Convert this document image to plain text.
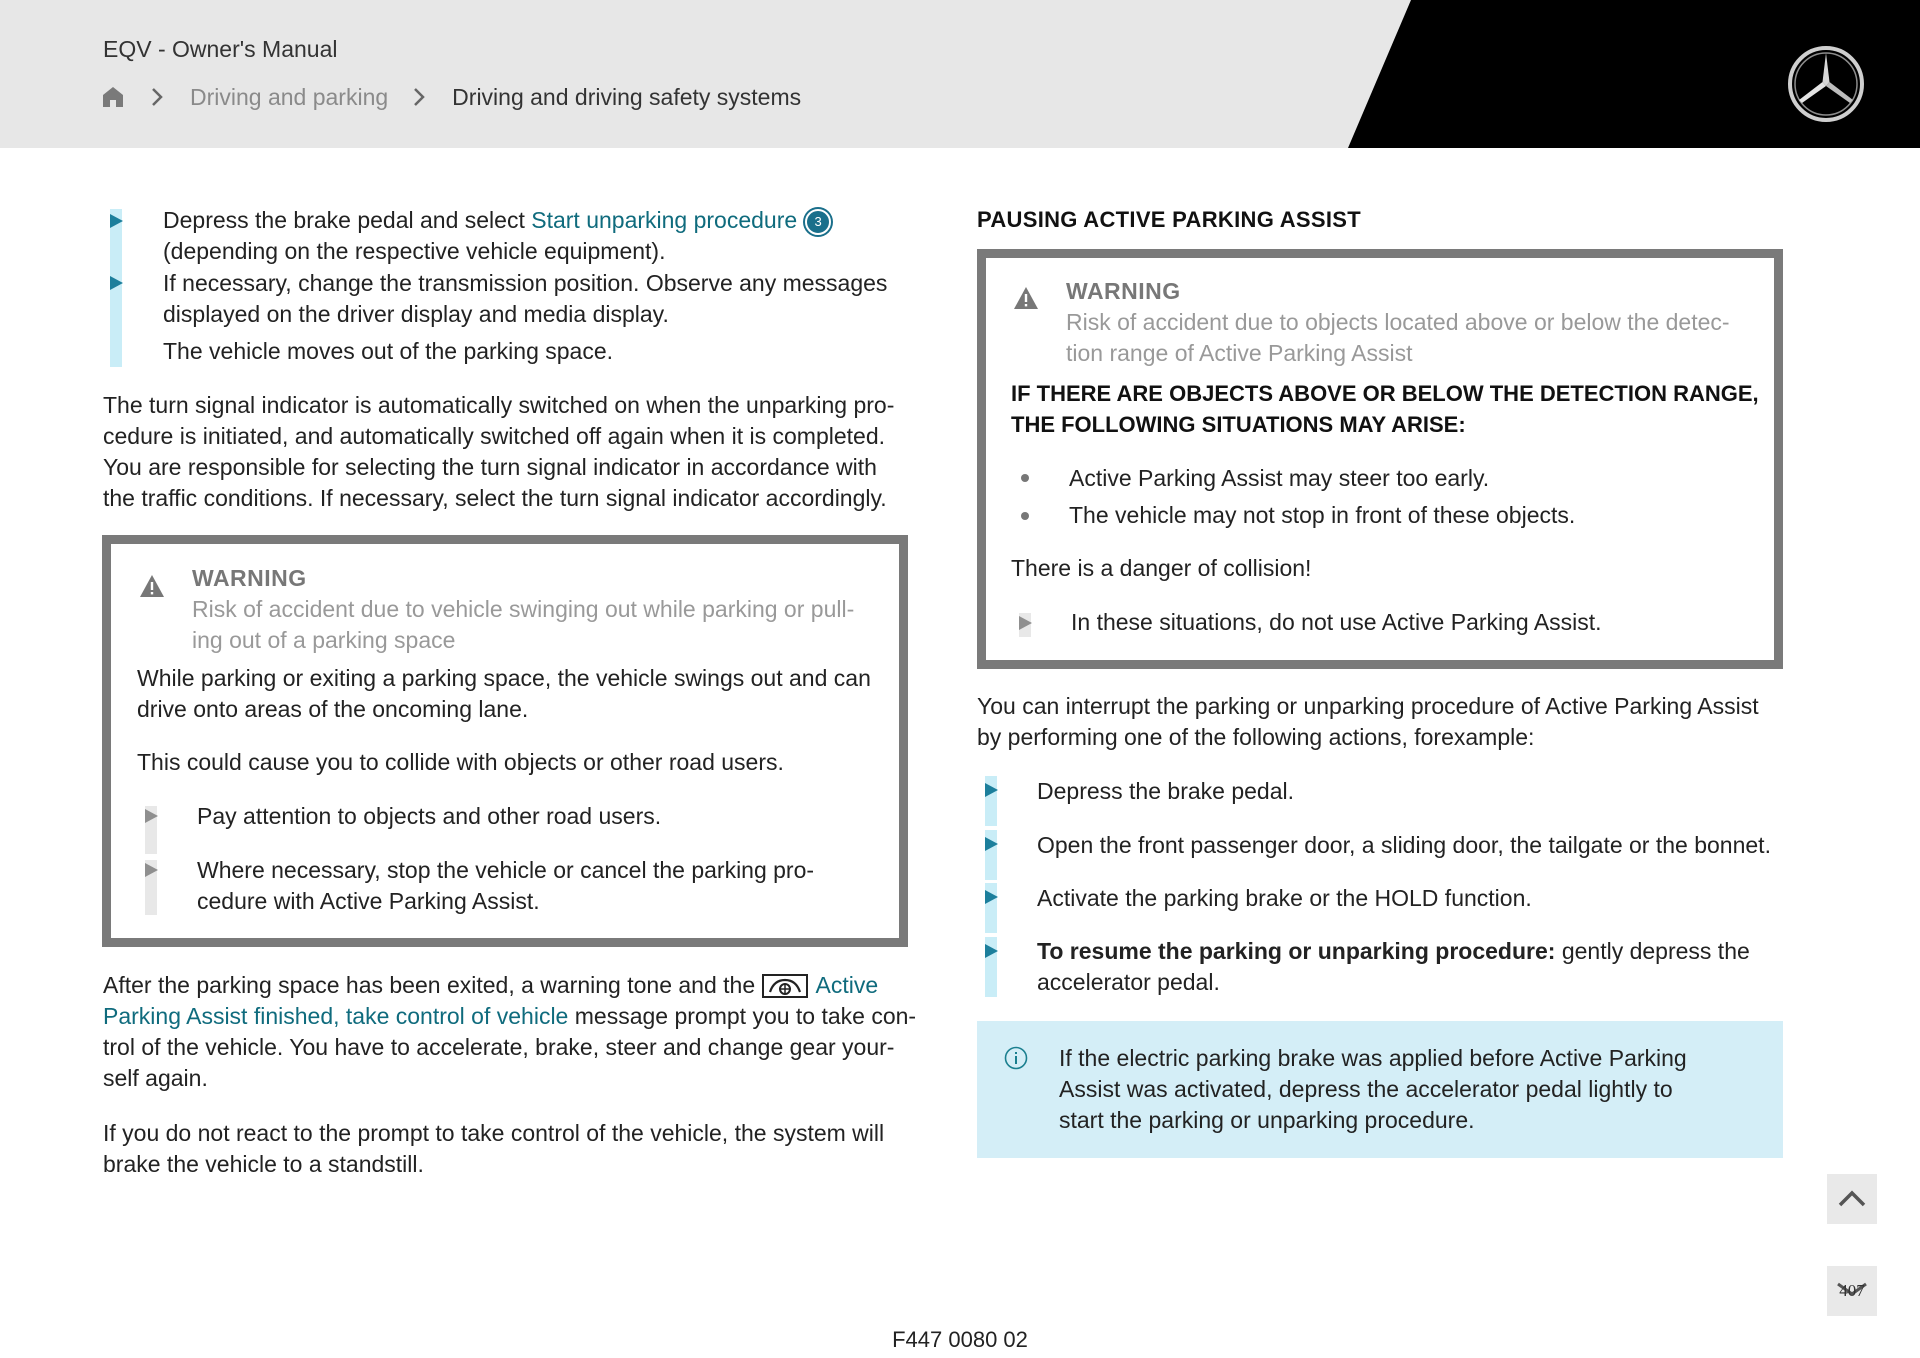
EQV - Owner's Manual
Driving and parking	Driving and driving safety systems
Depress the brake pedal and select Start unparking procedure 3
(depending on the respective vehicle equipment).
If necessary, change the transmission position. Observe any messages
displayed on the driver display and media display.
The vehicle moves out of the parking space.
The turn signal indicator is automatically switched on when the unparking pro-
cedure is initiated, and automatically switched off again when it is completed.
You are responsible for selecting the turn signal indicator in accordance with
the traffic conditions. If necessary, select the turn signal indicator accordingly.
WARNING
Risk of accident due to vehicle swinging out while parking or pull-
ing out of a parking space
While parking or exiting a parking space, the vehicle swings out and can
drive onto areas of the oncoming lane.
This could cause you to collide with objects or other road users.
Pay attention to objects and other road users.
Where necessary, stop the vehicle or cancel the parking pro-
cedure with Active Parking Assist.
After the parking space has been exited, a warning tone and the	Active
Parking Assist finished, take control of vehicle message prompt you to take con-
trol of the vehicle. You have to accelerate, brake, steer and change gear your-
self again.
If you do not react to the prompt to take control of the vehicle, the system will
brake the vehicle to a standstill.
PAUSING ACTIVE PARKING ASSIST
WARNING
Risk of accident due to objects located above or below the detec-
tion range of Active Parking Assist
IF THERE ARE OBJECTS ABOVE OR BELOW THE DETECTION RANGE,
THE FOLLOWING SITUATIONS MAY ARISE:
Active Parking Assist may steer too early.
The vehicle may not stop in front of these objects.
There is a danger of collision!
In these situations, do not use Active Parking Assist.
You can interrupt the parking or unparking procedure of Active Parking Assist
by performing one of the following actions, forexample:
Depress the brake pedal.
Open the front passenger door, a sliding door, the tailgate or the bonnet.
Activate the parking brake or the HOLD function.
To resume the parking or unparking procedure: gently depress the
accelerator pedal.
If the electric parking brake was applied before Active Parking
Assist was activated, depress the accelerator pedal lightly to
start the parking or unparking procedure.
407
F447 0080 02
